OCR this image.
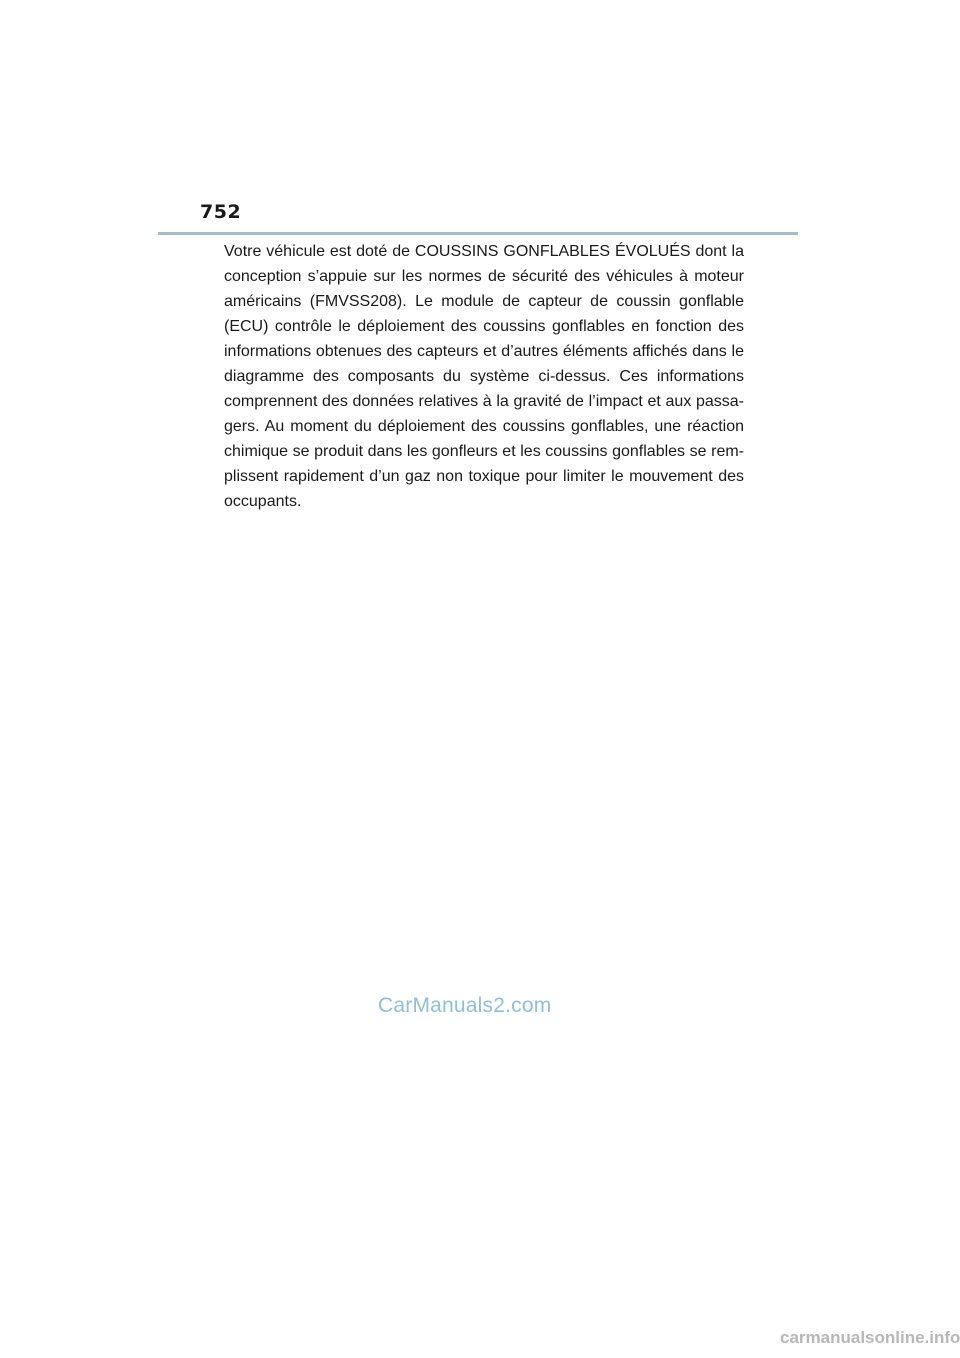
752

Votre véhicule est doté de COUSSINS GONFLABLES ÉVOLUÉS dont la conception s’appuie sur les normes de sécurité des véhicules à moteur américains (FMVSS208). Le module de capteur de coussin gonflable (ECU) contrôle le déploiement des coussins gonflables en fonction des informations obtenues des capteurs et d’autres éléments affichés dans le diagramme des composants du système ci-dessus. Ces informations comprennent des données relatives à la gravité de l’impact et aux passa-gers. Au moment du déploiement des coussins gonflables, une réaction chimique se produit dans les gonfleurs et les coussins gonflables se rem-plissent rapidement d’un gaz non toxique pour limiter le mouvement des occupants.

CarManuals2.com
carmanualsonline.info
